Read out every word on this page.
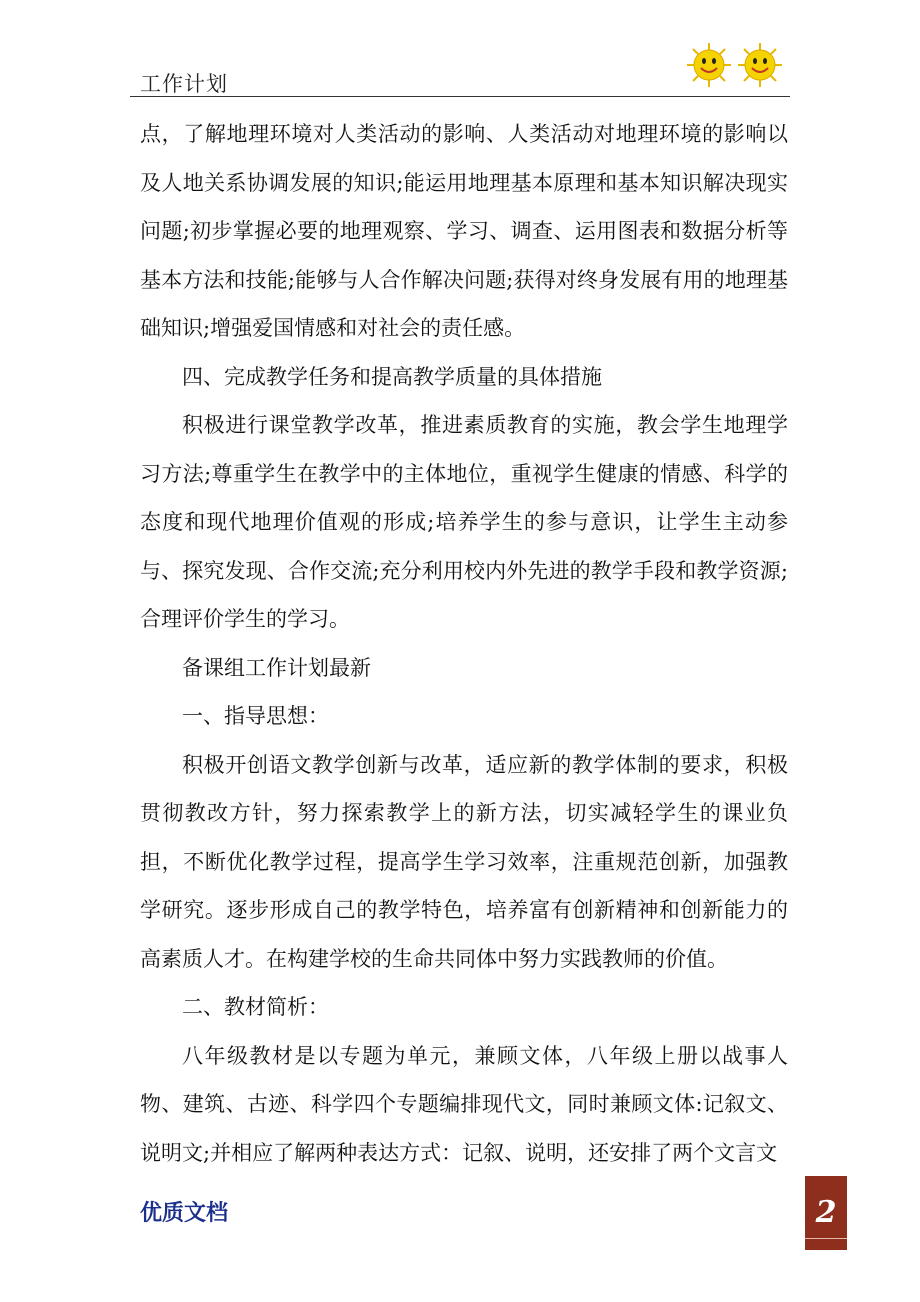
工作计划

点，了解地理环境对人类活动的影响、人类活动对地理环境的影响以及人地关系协调发展的知识;能运用地理基本原理和基本知识解决现实问题;初步掌握必要的地理观察、学习、调查、运用图表和数据分析等基本方法和技能;能够与人合作解决问题;获得对终身发展有用的地理基础知识;增强爱国情感和对社会的责任感。

四、完成教学任务和提高教学质量的具体措施

积极进行课堂教学改革，推进素质教育的实施，教会学生地理学习方法;尊重学生在教学中的主体地位，重视学生健康的情感、科学的态度和现代地理价值观的形成;培养学生的参与意识，让学生主动参与、探究发现、合作交流;充分利用校内外先进的教学手段和教学资源;合理评价学生的学习。

备课组工作计划最新

一、指导思想：

积极开创语文教学创新与改革，适应新的教学体制的要求，积极贯彻教改方针，努力探索教学上的新方法，切实减轻学生的课业负担，不断优化教学过程，提高学生学习效率，注重规范创新，加强教学研究。逐步形成自己的教学特色，培养富有创新精神和创新能力的高素质人才。在构建学校的生命共同体中努力实践教师的价值。

二、教材简析：

八年级教材是以专题为单元，兼顾文体，八年级上册以战事人物、建筑、古迹、科学四个专题编排现代文，同时兼顾文体:记叙文、说明文;并相应了解两种表达方式：记叙、说明，还安排了两个文言文

优质文档	2
